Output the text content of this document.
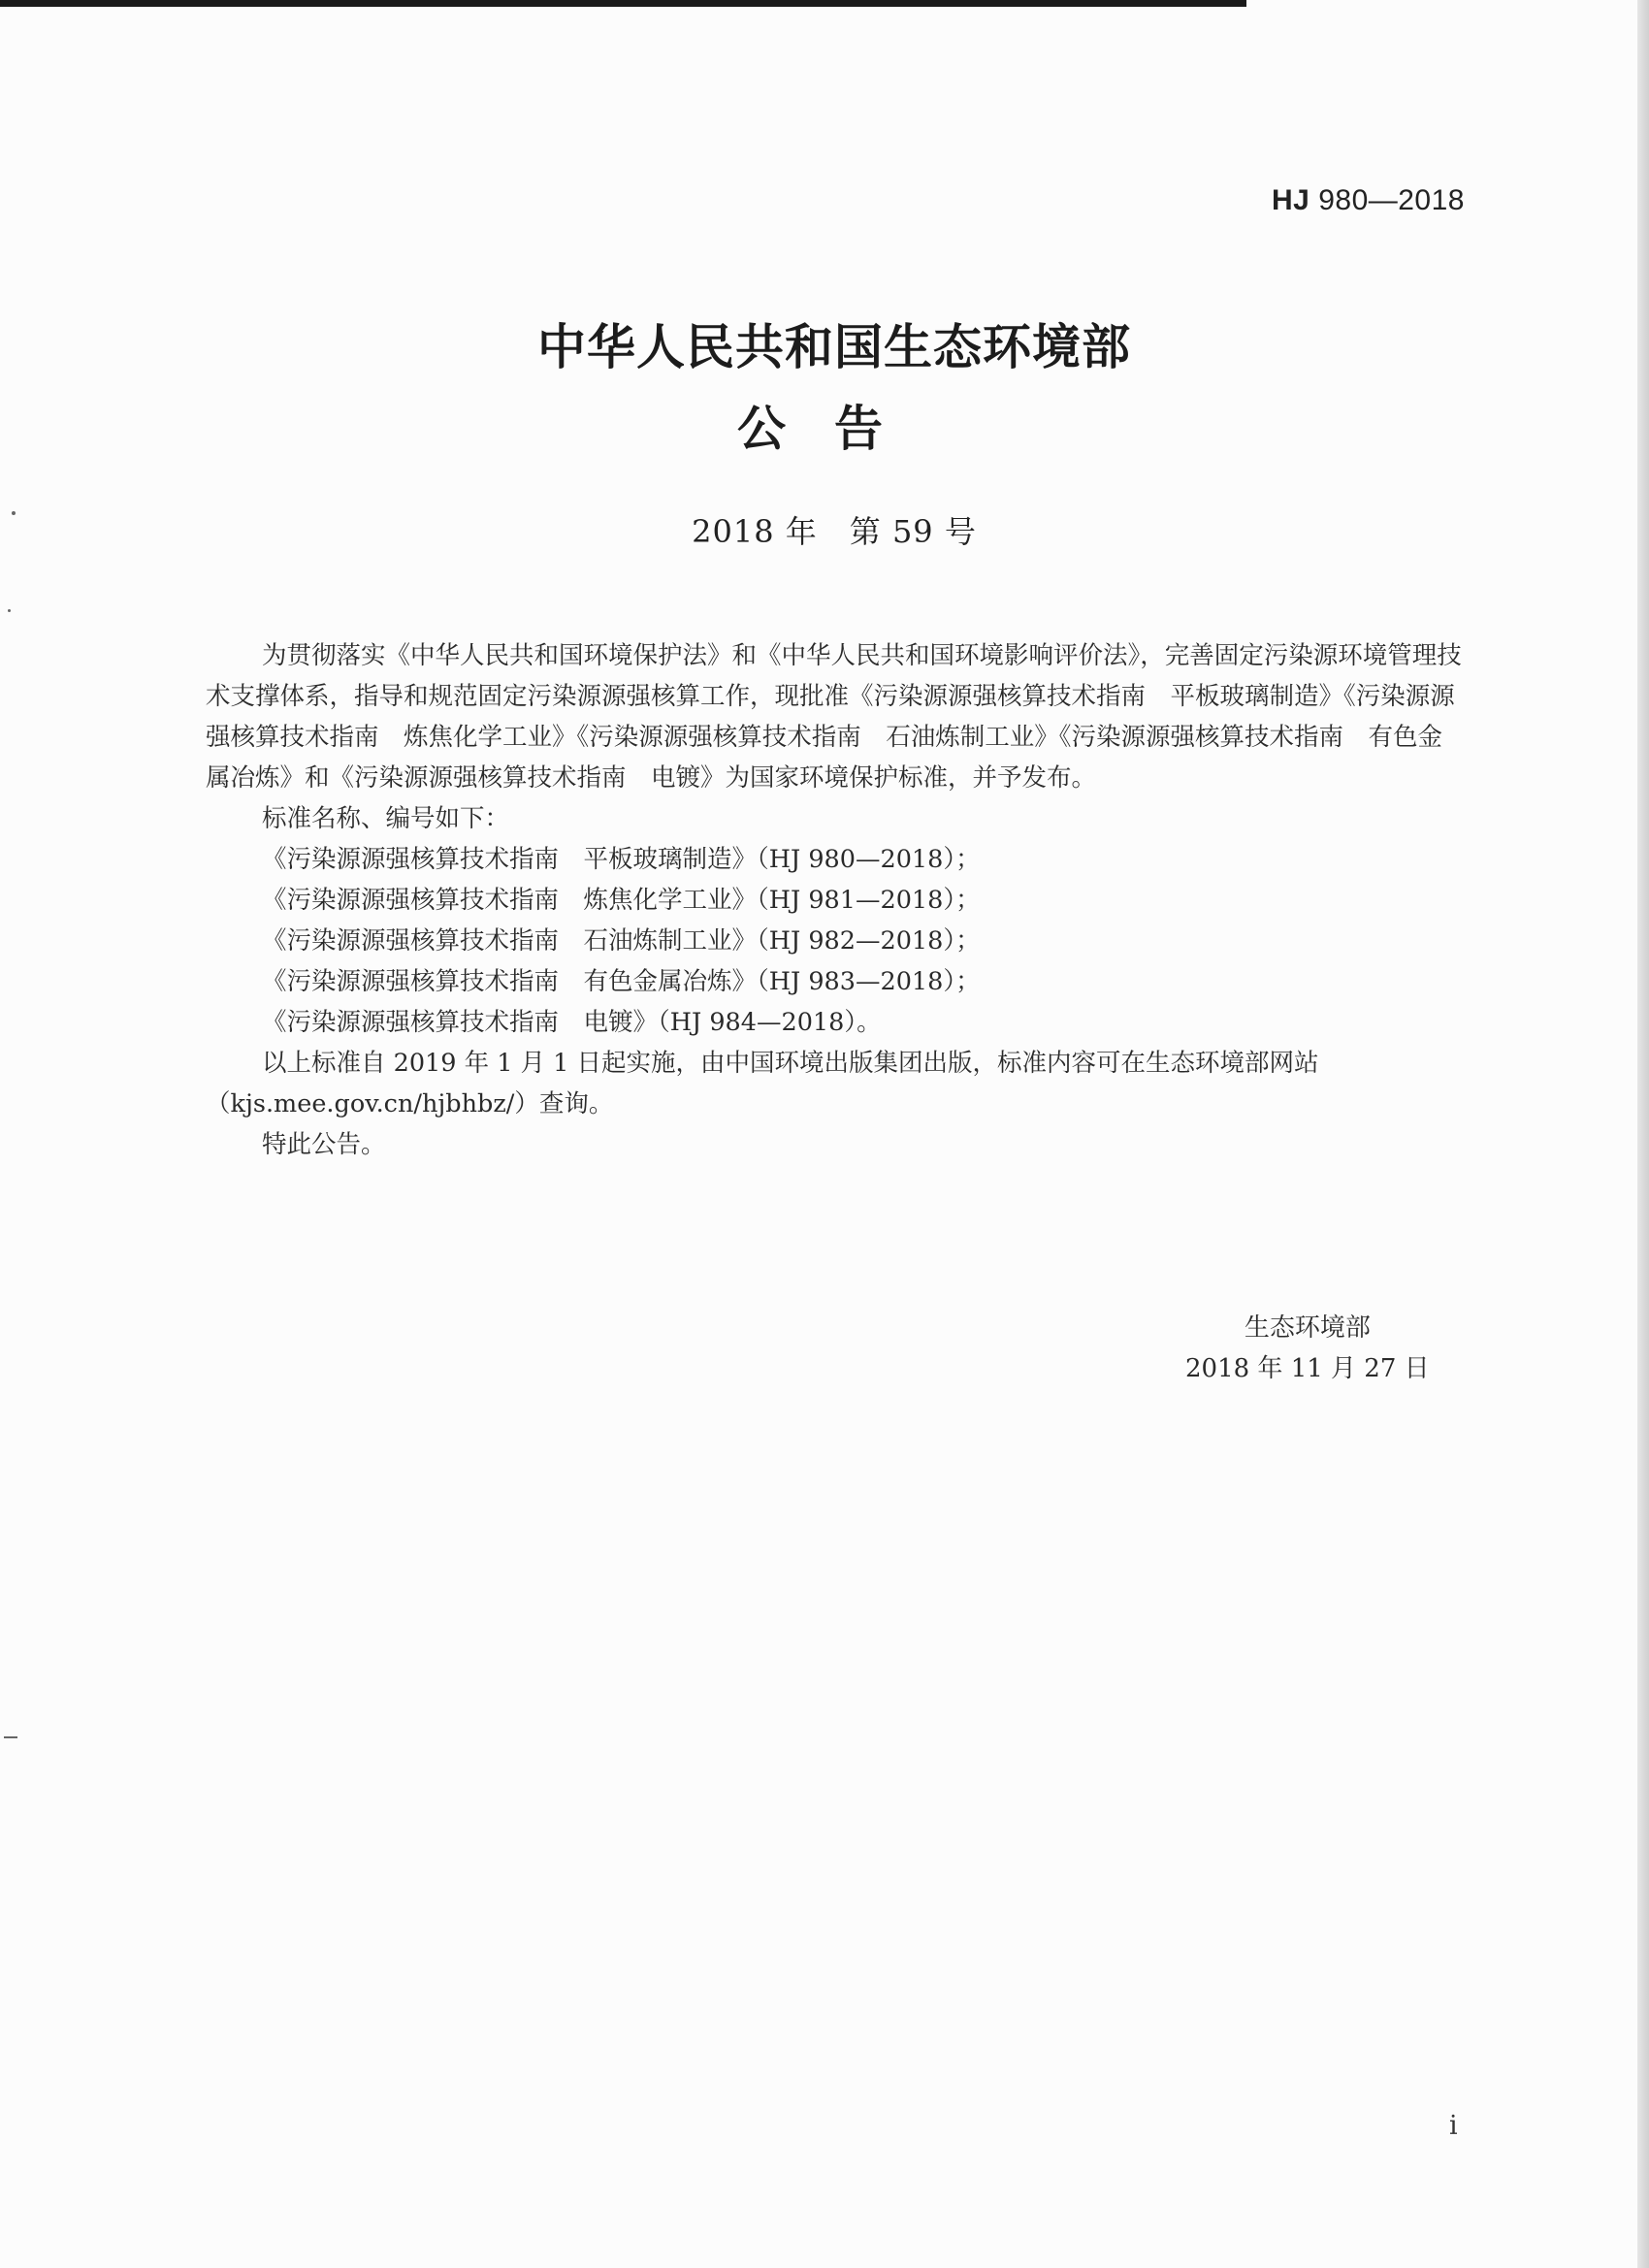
HJ 980—2018
中华人民共和国生态环境部
公告
2018 年　第 59 号

为贯彻落实《中华人民共和国环境保护法》和《中华人民共和国环境影响评价法》，完善固定污染源环境管理技术支撑体系，指导和规范固定污染源源强核算工作，现批准《污染源源强核算技术指南　平板玻璃制造》《污染源源强核算技术指南　炼焦化学工业》《污染源源强核算技术指南　石油炼制工业》《污染源源强核算技术指南　有色金属冶炼》和《污染源源强核算技术指南　电镀》为国家环境保护标准，并予发布。

标准名称、编号如下：

《污染源源强核算技术指南　平板玻璃制造》（HJ 980—2018）；

《污染源源强核算技术指南　炼焦化学工业》（HJ 981—2018）；

《污染源源强核算技术指南　石油炼制工业》（HJ 982—2018）；

《污染源源强核算技术指南　有色金属冶炼》（HJ 983—2018）；

《污染源源强核算技术指南　电镀》（HJ 984—2018）。

以上标准自 2019 年 1 月 1 日起实施，由中国环境出版集团出版，标准内容可在生态环境部网站（kjs.mee.gov.cn/hjbhbz/）查询。

特此公告。

生态环境部
2018 年 11 月 27 日
i
